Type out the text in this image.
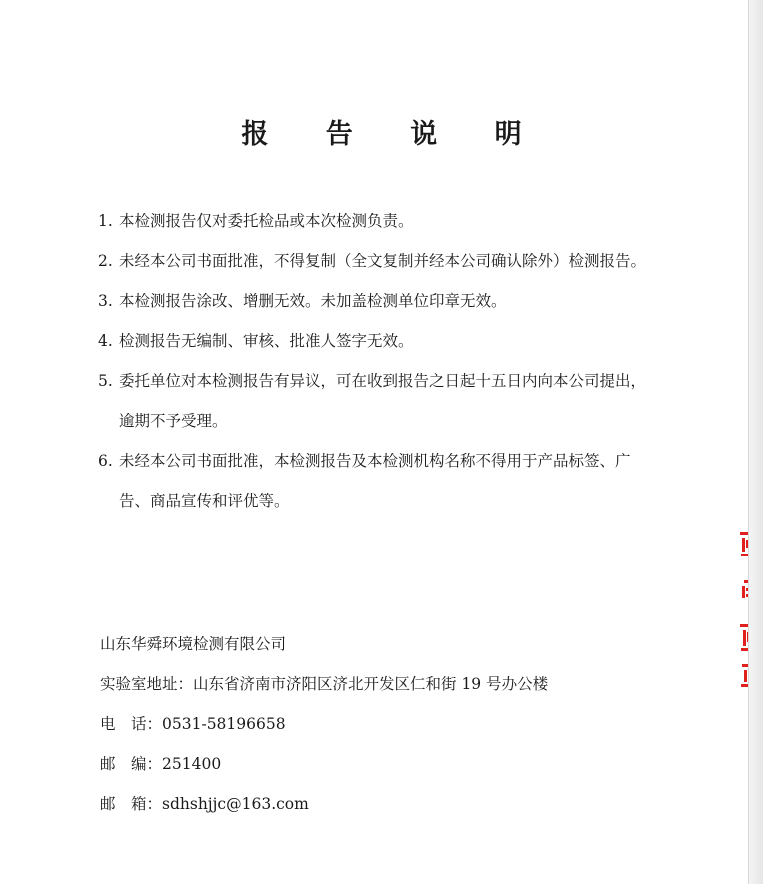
报 告 说 明
1. 本检测报告仅对委托检品或本次检测负责。
2. 未经本公司书面批准，不得复制（全文复制并经本公司确认除外）检测报告。
3. 本检测报告涂改、增删无效。未加盖检测单位印章无效。
4. 检测报告无编制、审核、批准人签字无效。
5. 委托单位对本检测报告有异议，可在收到报告之日起十五日内向本公司提出，
逾期不予受理。
6. 未经本公司书面批准，本检测报告及本检测机构名称不得用于产品标签、广
告、商品宣传和评优等。
山东华舜环境检测有限公司
实验室地址：山东省济南市济阳区济北开发区仁和街 19 号办公楼
电　话：0531-58196658
邮　编：251400
邮　箱：sdhshjjc@163.com
